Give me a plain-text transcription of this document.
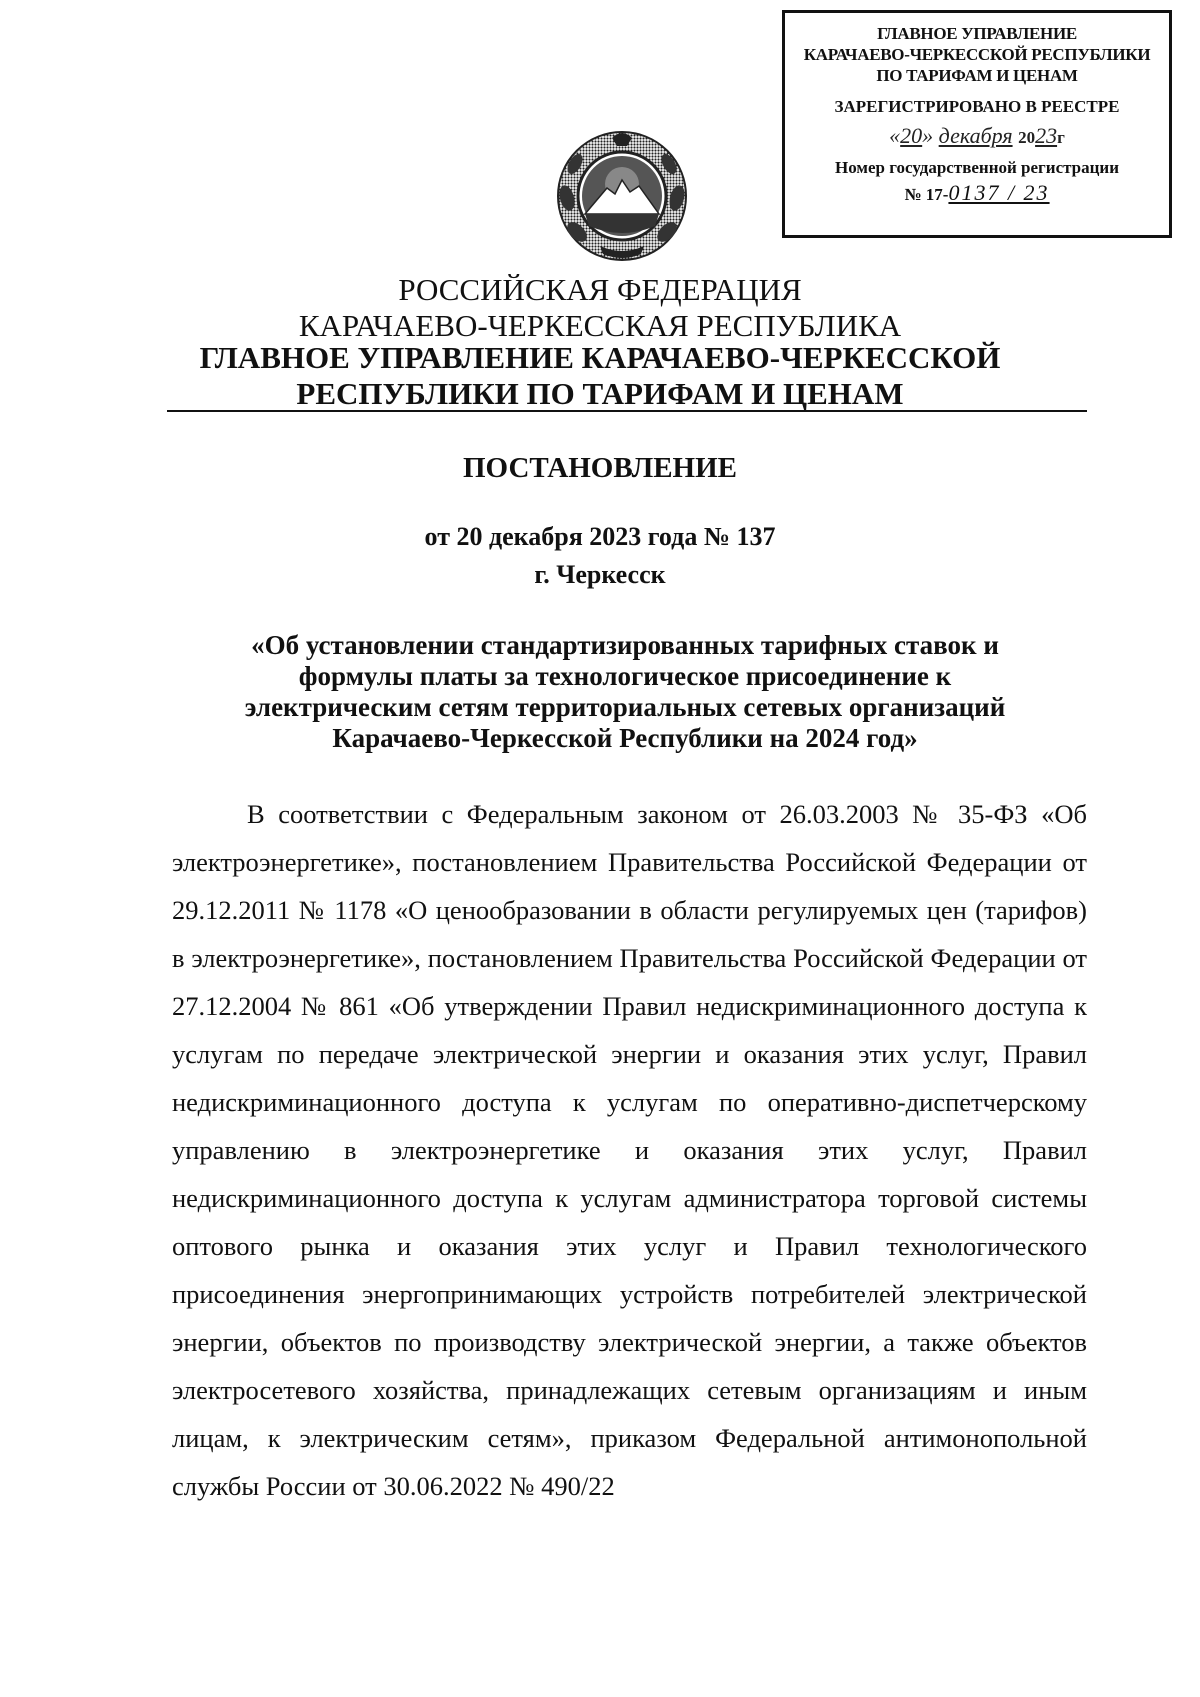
ГЛАВНОЕ УПРАВЛЕНИЕ
КАРАЧАЕВО-ЧЕРКЕССКОЙ РЕСПУБЛИКИ
ПО ТАРИФАМ И ЦЕНАМ
ЗАРЕГИСТРИРОВАНО В РЕЕСТРЕ
«20» декабря 2023г
Номер государственной регистрации
№ 17-0137 / 23
РОССИЙСКАЯ ФЕДЕРАЦИЯ
КАРАЧАЕВО-ЧЕРКЕССКАЯ РЕСПУБЛИКА
ГЛАВНОЕ УПРАВЛЕНИЕ КАРАЧАЕВО-ЧЕРКЕССКОЙ
РЕСПУБЛИКИ ПО ТАРИФАМ И ЦЕНАМ
ПОСТАНОВЛЕНИЕ
от 20 декабря 2023 года № 137
г. Черкесск
«Об установлении стандартизированных тарифных ставок и
формулы платы за технологическое присоединение к
электрическим сетям территориальных сетевых организаций
Карачаево-Черкесской Республики на 2024 год»
В соответствии с Федеральным законом от 26.03.2003 № 35-ФЗ «Об электроэнергетике», постановлением Правительства Российской Федерации от 29.12.2011 № 1178 «О ценообразовании в области регулируемых цен (тарифов) в электроэнергетике», постановлением Правительства Российской Федерации от 27.12.2004 № 861 «Об утверждении Правил недискриминационного доступа к услугам по передаче электрической энергии и оказания этих услуг, Правил недискриминационного доступа к услугам по оперативно-диспетчерскому управлению в электроэнергетике и оказания этих услуг, Правил недискриминационного доступа к услугам администратора торговой системы оптового рынка и оказания этих услуг и Правил технологического присоединения энергопринимающих устройств потребителей электрической энергии, объектов по производству электрической энергии, а также объектов электросетевого хозяйства, принадлежащих сетевым организациям и иным лицам, к электрическим сетям», приказом Федеральной антимонопольной службы России от 30.06.2022 № 490/22
